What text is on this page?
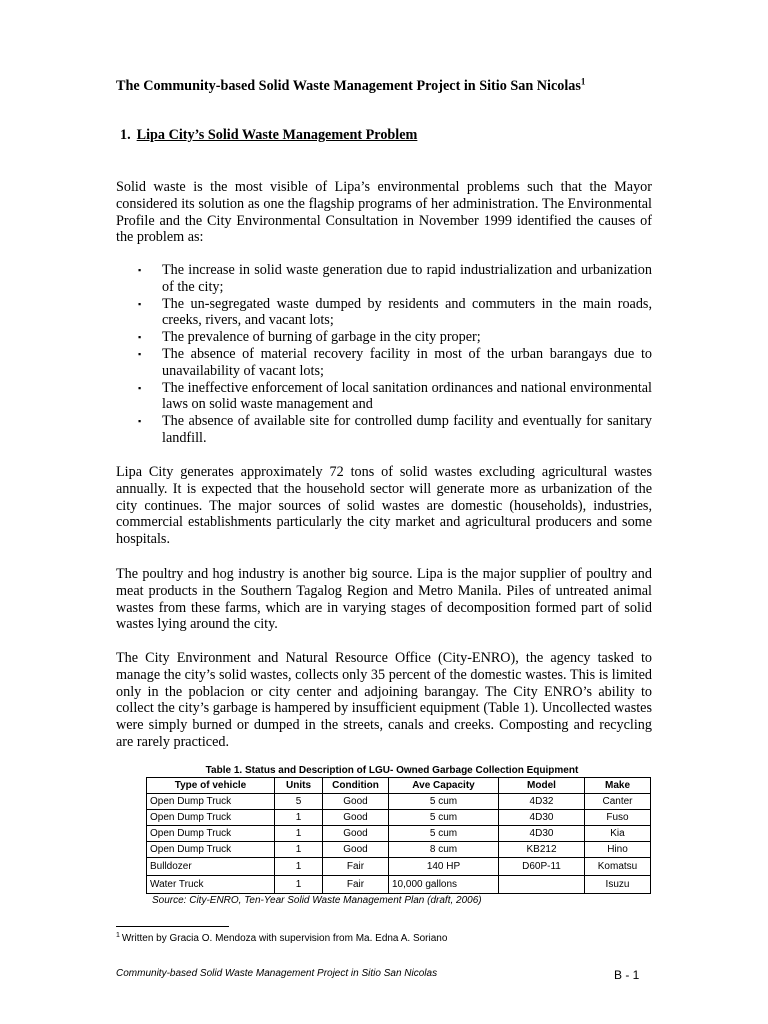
The Community-based Solid Waste Management Project in Sitio San Nicolas$^1$
1. Lipa City’s Solid Waste Management Problem

Solid waste is the most visible of Lipa’s environmental problems such that the Mayor considered its solution as one the flagship programs of her administration. The Environmental Profile and the City Environmental Consultation in November 1999 identified the causes of the problem as:

▪ The increase in solid waste generation due to rapid industrialization and urbanization of the city;
▪ The un-segregated waste dumped by residents and commuters in the main roads, creeks, rivers, and vacant lots;
▪ The prevalence of burning of garbage in the city proper;
▪ The absence of material recovery facility in most of the urban barangays due to unavailability of vacant lots;
▪ The ineffective enforcement of local sanitation ordinances and national environmental laws on solid waste management and
▪ The absence of available site for controlled dump facility and eventually for sanitary landfill.

Lipa City generates approximately 72 tons of solid wastes excluding agricultural wastes annually. It is expected that the household sector will generate more as urbanization of the city continues. The major sources of solid wastes are domestic (households), industries, commercial establishments particularly the city market and agricultural producers and some hospitals.

The poultry and hog industry is another big source. Lipa is the major supplier of poultry and meat products in the Southern Tagalog Region and Metro Manila. Piles of untreated animal wastes from these farms, which are in varying stages of decomposition formed part of solid wastes lying around the city.

The City Environment and Natural Resource Office (City-ENRO), the agency tasked to manage the city’s solid wastes, collects only 35 percent of the domestic wastes. This is limited only in the poblacion or city center and adjoining barangay. The City ENRO’s ability to collect the city’s garbage is hampered by insufficient equipment (Table 1). Uncollected wastes were simply burned or dumped in the streets, canals and creeks. Composting and recycling are rarely practiced.

Table 1. Status and Description of LGU- Owned Garbage Collection Equipment
Type of vehicle	Units	Condition	Ave Capacity	Model	Make
Open Dump Truck	5	Good	5 cum	4D32	Canter
Open Dump Truck	1	Good	5 cum	4D30	Fuso
Open Dump Truck	1	Good	5 cum	4D30	Kia
Open Dump Truck	1	Good	8 cum	KB212	Hino
Bulldozer	1	Fair	140 HP	D60P-11	Komatsu
Water Truck	1	Fair	10,000 gallons		Isuzu
Source: City-ENRO, Ten-Year Solid Waste Management Plan (draft, 2006)
$^1$ Written by Gracia O. Mendoza with supervision from Ma. Edna A. Soriano
Community-based Solid Waste Management Project in Sitio San Nicolas	B - 1
